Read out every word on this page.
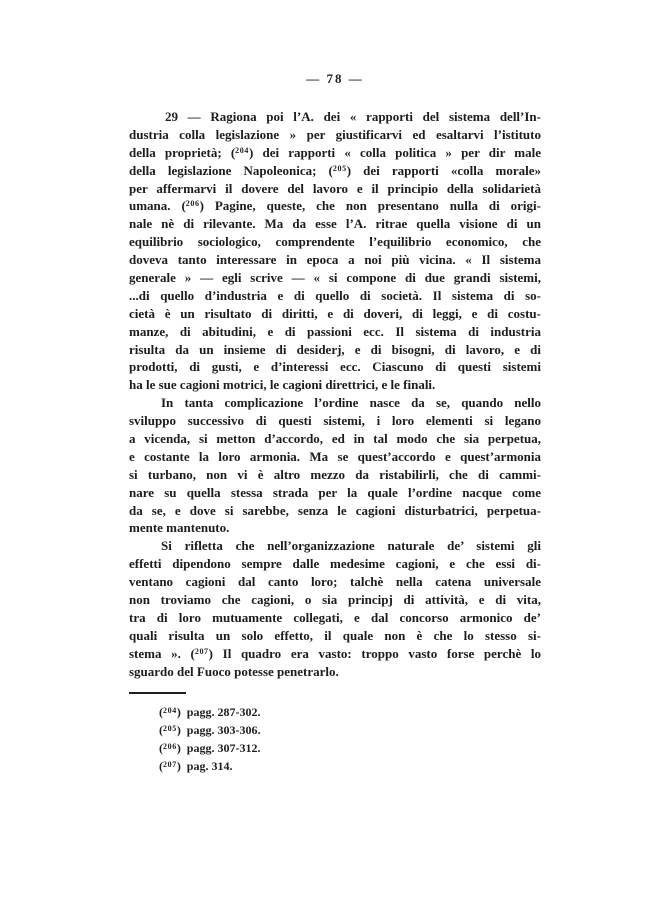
— 78 —
29 — Ragiona poi l’A. dei « rapporti del sistema dell’In-
dustria colla legislazione » per giustificarvi ed esaltarvi l’istituto
della proprietà; ($^{204}$) dei rapporti « colla politica » per dir male
della legislazione Napoleonica; ($^{205}$) dei rapporti «colla morale»
per affermarvi il dovere del lavoro e il principio della solidarietà
umana. ($^{206}$) Pagine, queste, che non presentano nulla di origi-
nale nè di rilevante. Ma da esse l’A. ritrae quella visione di un
equilibrio sociologico, comprendente l’equilibrio economico, che
doveva tanto interessare in epoca a noi più vicina. « Il sistema
generale » — egli scrive — « si compone di due grandi sistemi,
...di quello d’industria e di quello di società. Il sistema di so-
cietà è un risultato di diritti, e di doveri, di leggi, e di costu-
manze, di abitudini, e di passioni ecc. Il sistema di industria
risulta da un insieme di desiderj, e di bisogni, di lavoro, e di
prodotti, di gusti, e d’interessi ecc. Ciascuno di questi sistemi
ha le sue cagioni motrici, le cagioni direttrici, e le finali.
In tanta complicazione l’ordine nasce da se, quando nello
sviluppo successivo di questi sistemi, i loro elementi si legano
a vicenda, si metton d’accordo, ed in tal modo che sia perpetua,
e costante la loro armonia. Ma se quest’accordo e quest’armonia
si turbano, non vi è altro mezzo da ristabilirli, che di cammi-
nare su quella stessa strada per la quale l’ordine nacque come
da se, e dove si sarebbe, senza le cagioni disturbatrici, perpetua-
mente mantenuto.
Si rifletta che nell’organizzazione naturale de’ sistemi gli
effetti dipendono sempre dalle medesime cagioni, e che essi di-
ventano cagioni dal canto loro; talchè nella catena universale
non troviamo che cagioni, o sia principj di attività, e di vita,
tra di loro mutuamente collegati, e dal concorso armonico de’
quali risulta un solo effetto, il quale non è che lo stesso si-
stema ». ($^{207}$) Il quadro era vasto: troppo vasto forse perchè lo
sguardo del Fuoco potesse penetrarlo.
($^{204}$)  pagg. 287-302.
($^{205}$)  pagg. 303-306.
($^{206}$)  pagg. 307-312.
($^{207}$)  pag. 314.
